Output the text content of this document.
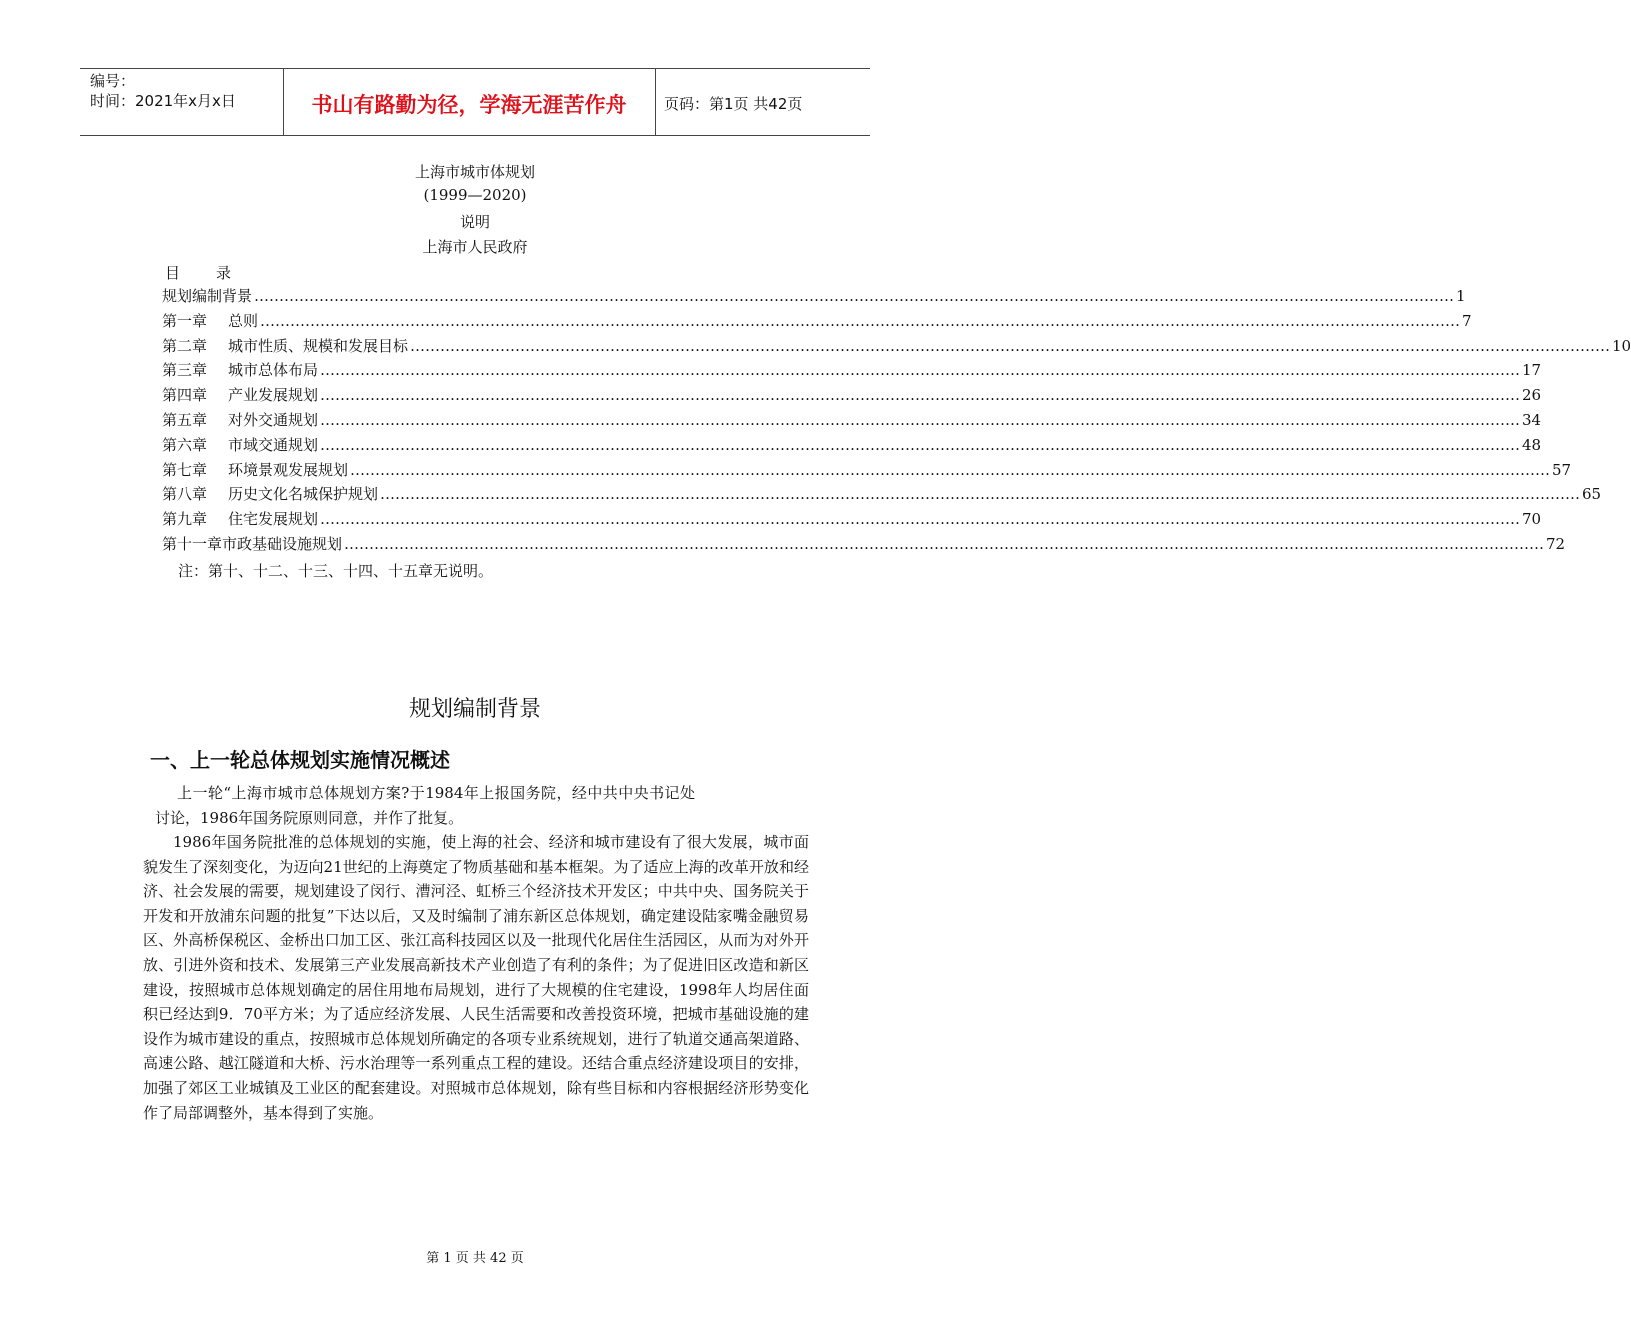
编号：
时间：2021年x月x日	书山有路勤为径，学海无涯苦作舟	页码：第1页 共42页
上海市城市体规划
(1999—2020)
说明
上海市人民政府
目　　录
规划编制背景 …………………………………………………………………………………………………………………………………………………………………………………………………………………… 1
第一章	总则 …………………………………………………………………………………………………………………………………………………………………………………………………………………… 7
第二章	城市性质、规模和发展目标 …………………………………………………………………………………………………………………………………………………………………………………………………………………… 10
第三章	城市总体布局 …………………………………………………………………………………………………………………………………………………………………………………………………………………… 17
第四章	产业发展规划 …………………………………………………………………………………………………………………………………………………………………………………………………………………… 26
第五章	对外交通规划 …………………………………………………………………………………………………………………………………………………………………………………………………………………… 34
第六章	市域交通规划 …………………………………………………………………………………………………………………………………………………………………………………………………………………… 48
第七章	环境景观发展规划 …………………………………………………………………………………………………………………………………………………………………………………………………………………… 57
第八章	历史文化名城保护规划 …………………………………………………………………………………………………………………………………………………………………………………………………………………… 65
第九章	住宅发展规划 …………………………………………………………………………………………………………………………………………………………………………………………………………………… 70
第十一章市政基础设施规划 …………………………………………………………………………………………………………………………………………………………………………………………………………………… 72
注：第十、十二、十三、十四、十五章无说明。
规划编制背景
一、上一轮总体规划实施情况概述
上一轮“上海市城市总体规划方案?于1984年上报国务院，经中共中央书记处讨论，1986年国务院原则同意，并作了批复。
1986年国务院批准的总体规划的实施，使上海的社会、经济和城市建设有了很大发展，城市面貌发生了深刻变化，为迈向21世纪的上海奠定了物质基础和基本框架。为了适应上海的改革开放和经济、社会发展的需要，规划建设了闵行、漕河泾、虹桥三个经济技术开发区；中共中央、国务院关于开发和开放浦东问题的批复”下达以后，又及时编制了浦东新区总体规划，确定建设陆家嘴金融贸易区、外高桥保税区、金桥出口加工区、张江高科技园区以及一批现代化居住生活园区，从而为对外开放、引进外资和技术、发展第三产业发展高新技术产业创造了有利的条件；为了促进旧区改造和新区建设，按照城市总体规划确定的居住用地布局规划，进行了大规模的住宅建设，1998年人均居住面积已经达到9．70平方米；为了适应经济发展、人民生活需要和改善投资环境，把城市基础设施的建设作为城市建设的重点，按照城市总体规划所确定的各项专业系统规划，进行了轨道交通高架道路、高速公路、越江隧道和大桥、污水治理等一系列重点工程的建设。还结合重点经济建设项目的安排，加强了郊区工业城镇及工业区的配套建设。对照城市总体规划，除有些目标和内容根据经济形势变化作了局部调整外，基本得到了实施。
第 1 页 共 42 页
